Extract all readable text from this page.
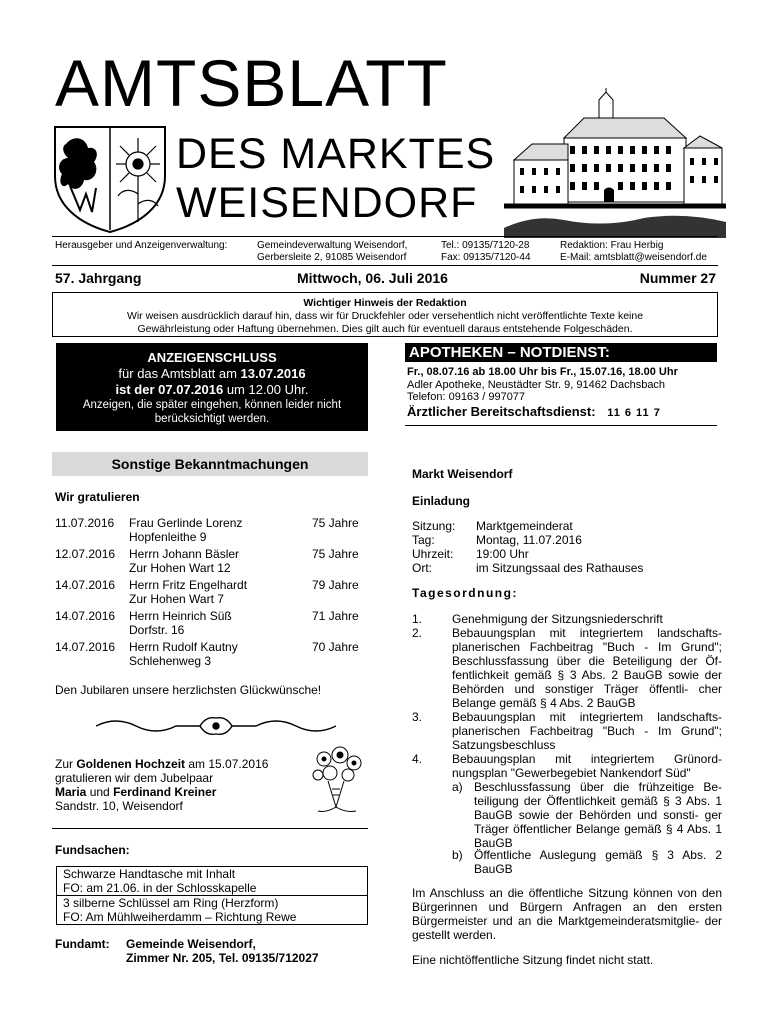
AMTSBLATT
DES MARKTES
WEISENDORF
Herausgeber und Anzeigenverwaltung:	Gemeindeverwaltung Weisendorf,
Gerbersleite 2, 91085 Weisendorf
Tel.: 09135/7120-28
Fax: 09135/7120-44
Redaktion: Frau Herbig
E-Mail: amtsblatt@weisendorf.de
57. Jahrgang	Mittwoch, 06. Juli 2016	Nummer 27
Wichtiger Hinweis der Redaktion
Wir weisen ausdrücklich darauf hin, dass wir für Druckfehler oder versehentlich nicht veröffentlichte Texte keine
Gewährleistung oder Haftung übernehmen. Dies gilt auch für eventuell daraus entstehende Folgeschäden.
ANZEIGENSCHLUSS
für das Amtsblatt am 13.07.2016
ist der 07.07.2016 um 12.00 Uhr.
Anzeigen, die später eingehen, können leider nicht
berücksichtigt werden.
APOTHEKEN – NOTDIENST:
Fr., 08.07.16 ab 18.00 Uhr bis Fr., 15.07.16, 18.00 Uhr
Adler Apotheke, Neustädter Str. 9, 91462 Dachsbach
Telefon: 09163 / 997077
Ärztlicher Bereitschaftsdienst: 11 6 11 7
Sonstige Bekanntmachungen
Wir gratulieren
11.07.2016 Frau Gerlinde Lorenz	75 Jahre
Hopfenleithe 9
12.07.2016 Herrn Johann Bäsler	75 Jahre
Zur Hohen Wart 12
14.07.2016 Herrn Fritz Engelhardt	79 Jahre
Zur Hohen Wart 7
14.07.2016 Herrn Heinrich Süß	71 Jahre
Dorfstr. 16
14.07.2016 Herrn Rudolf Kautny	70 Jahre
Schlehenweg 3
Den Jubilaren unsere herzlichsten Glückwünsche!
Zur Goldenen Hochzeit am 15.07.2016
gratulieren wir dem Jubelpaar
Maria und Ferdinand Kreiner
Sandstr. 10, Weisendorf
Fundsachen:
Schwarze Handtasche mit Inhalt
FO: am 21.06. in der Schlosskapelle
3 silberne Schlüssel am Ring (Herzform)
FO: Am Mühlweiherdamm – Richtung Rewe
Fundamt: Gemeinde Weisendorf,
Zimmer Nr. 205, Tel. 09135/712027
Markt Weisendorf
Einladung
Sitzung: Marktgemeinderat
Tag:	Montag, 11.07.2016
Uhrzeit: 19:00 Uhr
Ort:	im Sitzungssaal des Rathauses
Tagesordnung:
1. Genehmigung der Sitzungsniederschrift
2. Bebauungsplan mit integriertem landschafts- planerischen Fachbeitrag "Buch - Im Grund"; Beschlussfassung über die Beteiligung der Öf- fentlichkeit gemäß § 3 Abs. 2 BauGB sowie der Behörden und sonstiger Träger öffentli- cher Belange gemäß § 4 Abs. 2 BauGB
3. Bebauungsplan mit integriertem landschafts- planerischen Fachbeitrag "Buch - Im Grund"; Satzungsbeschluss
4. Bebauungsplan mit integriertem Grünord- nungsplan "Gewerbegebiet Nankendorf Süd"
a) Beschlussfassung über die frühzeitige Be- teiligung der Öffentlichkeit gemäß § 3 Abs. 1 BauGB sowie der Behörden und sonsti- ger Träger öffentlicher Belange gemäß § 4 Abs. 1 BauGB
b) Öffentliche Auslegung gemäß § 3 Abs. 2 BauGB
Im Anschluss an die öffentliche Sitzung können von den Bürgerinnen und Bürgern Anfragen an den ersten Bürgermeister und an die Marktgemeinderatsmitglie- der gestellt werden.
Eine nichtöffentliche Sitzung findet nicht statt.
